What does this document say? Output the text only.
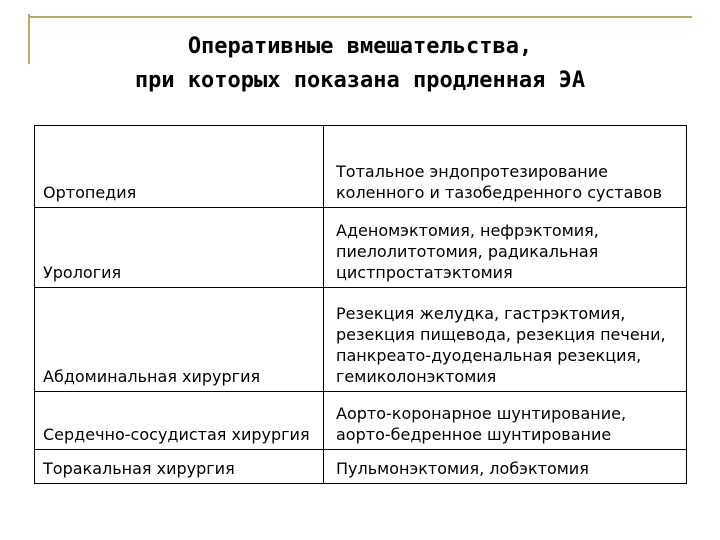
Оперативные вмешательства,
при которых показана продленная ЭА
Ортопедия	Тотальное эндопротезирование коленного и тазобедренного суставов
Урология	Аденомэктомия, нефрэктомия, пиелолитотомия, радикальная цистпростатэктомия
Абдоминальная хирургия	Резекция желудка, гастрэктомия, резекция пищевода, резекция печени, панкреато-дуоденальная резекция, гемиколонэктомия
Сердечно-сосудистая хирургия	Аорто-коронарное шунтирование, аорто-бедренное шунтирование
Торакальная хирургия	Пульмонэктомия, лобэктомия
